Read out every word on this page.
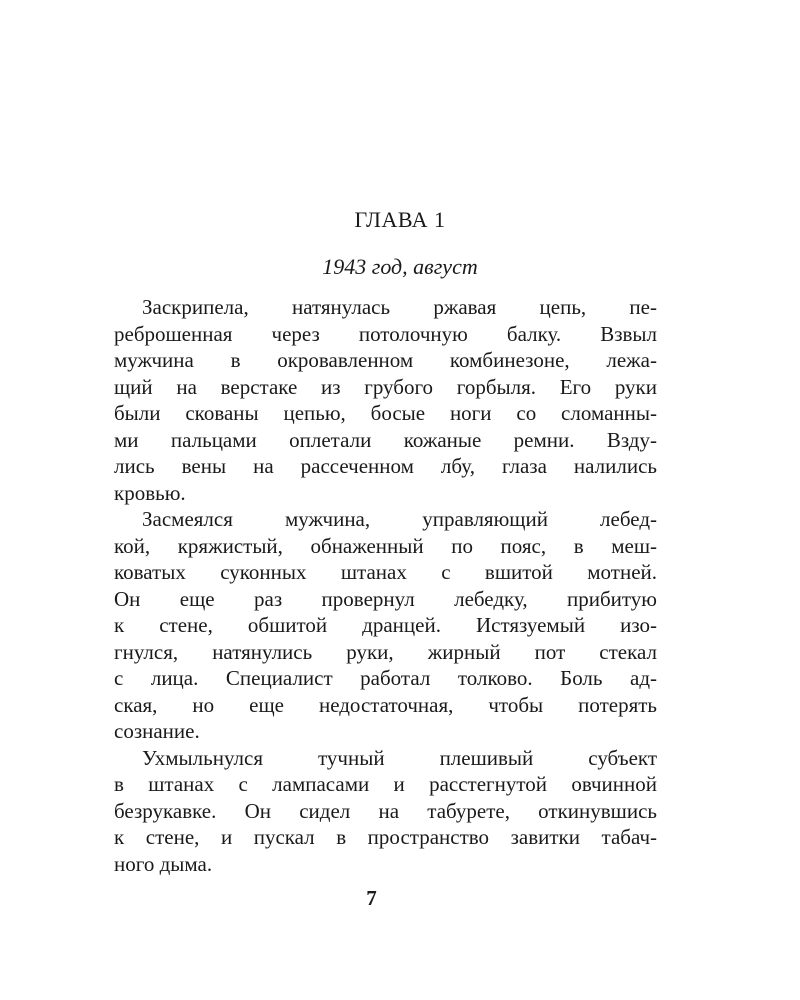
ГЛАВА 1
1943 год, август
Заскрипела, натянулась ржавая цепь, пе-
реброшенная через потолочную балку. Взвыл
мужчина в окровавленном комбинезоне, лежа-
щий на верстаке из грубого горбыля. Его руки
были скованы цепью, босые ноги со сломанны-
ми пальцами оплетали кожаные ремни. Взду-
лись вены на рассеченном лбу, глаза налились
кровью.
Засмеялся мужчина, управляющий лебед-
кой, кряжистый, обнаженный по пояс, в меш-
коватых суконных штанах с вшитой мотней.
Он еще раз провернул лебедку, прибитую
к стене, обшитой дранцей. Истязуемый изо-
гнулся, натянулись руки, жирный пот стекал
с лица. Специалист работал толково. Боль ад-
ская, но еще недостаточная, чтобы потерять
сознание.
Ухмыльнулся тучный плешивый субъект
в штанах с лампасами и расстегнутой овчинной
безрукавке. Он сидел на табурете, откинувшись
к стене, и пускал в пространство завитки табач-
ного дыма.
7
